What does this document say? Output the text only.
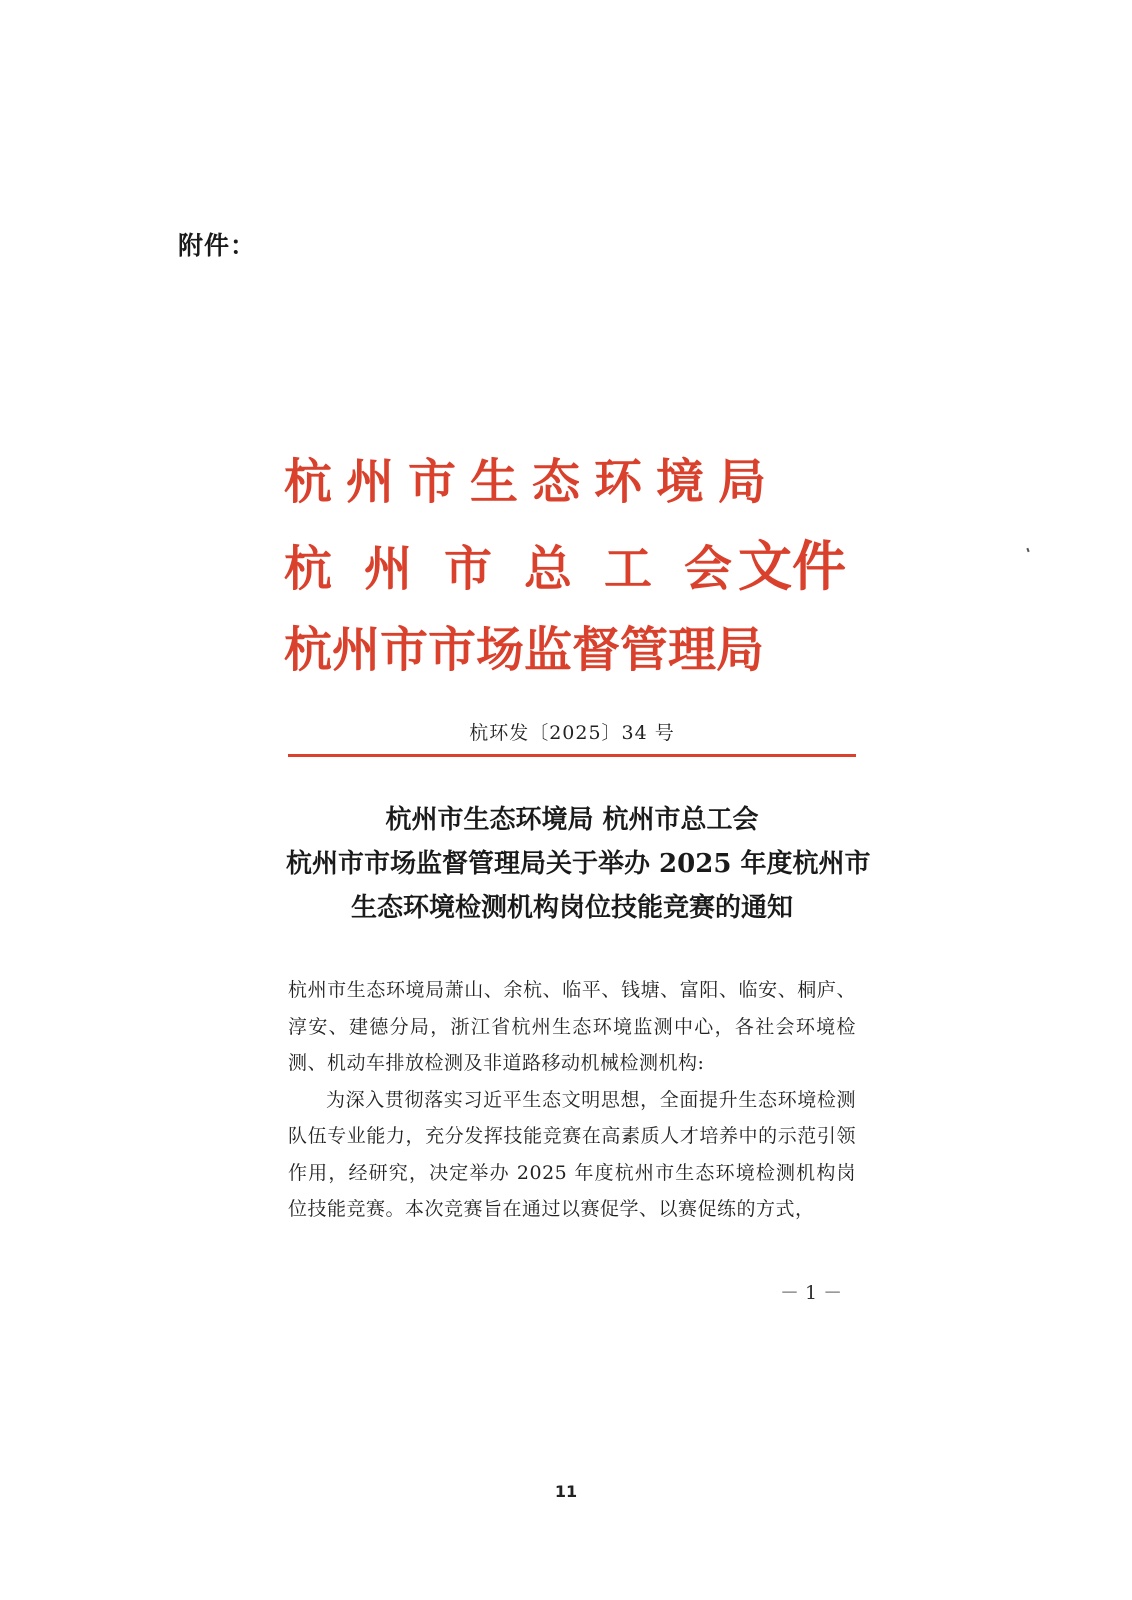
附件：
杭州市生态环境局
杭州市总工会文件
杭州市市场监督管理局
杭环发〔2025〕34 号
杭州市生态环境局 杭州市总工会
杭州市市场监督管理局关于举办 2025 年度杭州市
生态环境检测机构岗位技能竞赛的通知

杭州市生态环境局萧山、余杭、临平、钱塘、富阳、临安、桐庐、淳安、建德分局，浙江省杭州生态环境监测中心，各社会环境检测、机动车排放检测及非道路移动机械检测机构:

为深入贯彻落实习近平生态文明思想，全面提升生态环境检测队伍专业能力，充分发挥技能竞赛在高素质人才培养中的示范引领作用，经研究，决定举办 2025 年度杭州市生态环境检测机构岗位技能竞赛。本次竞赛旨在通过以赛促学、以赛促练的方式，

－ 1 －
11
